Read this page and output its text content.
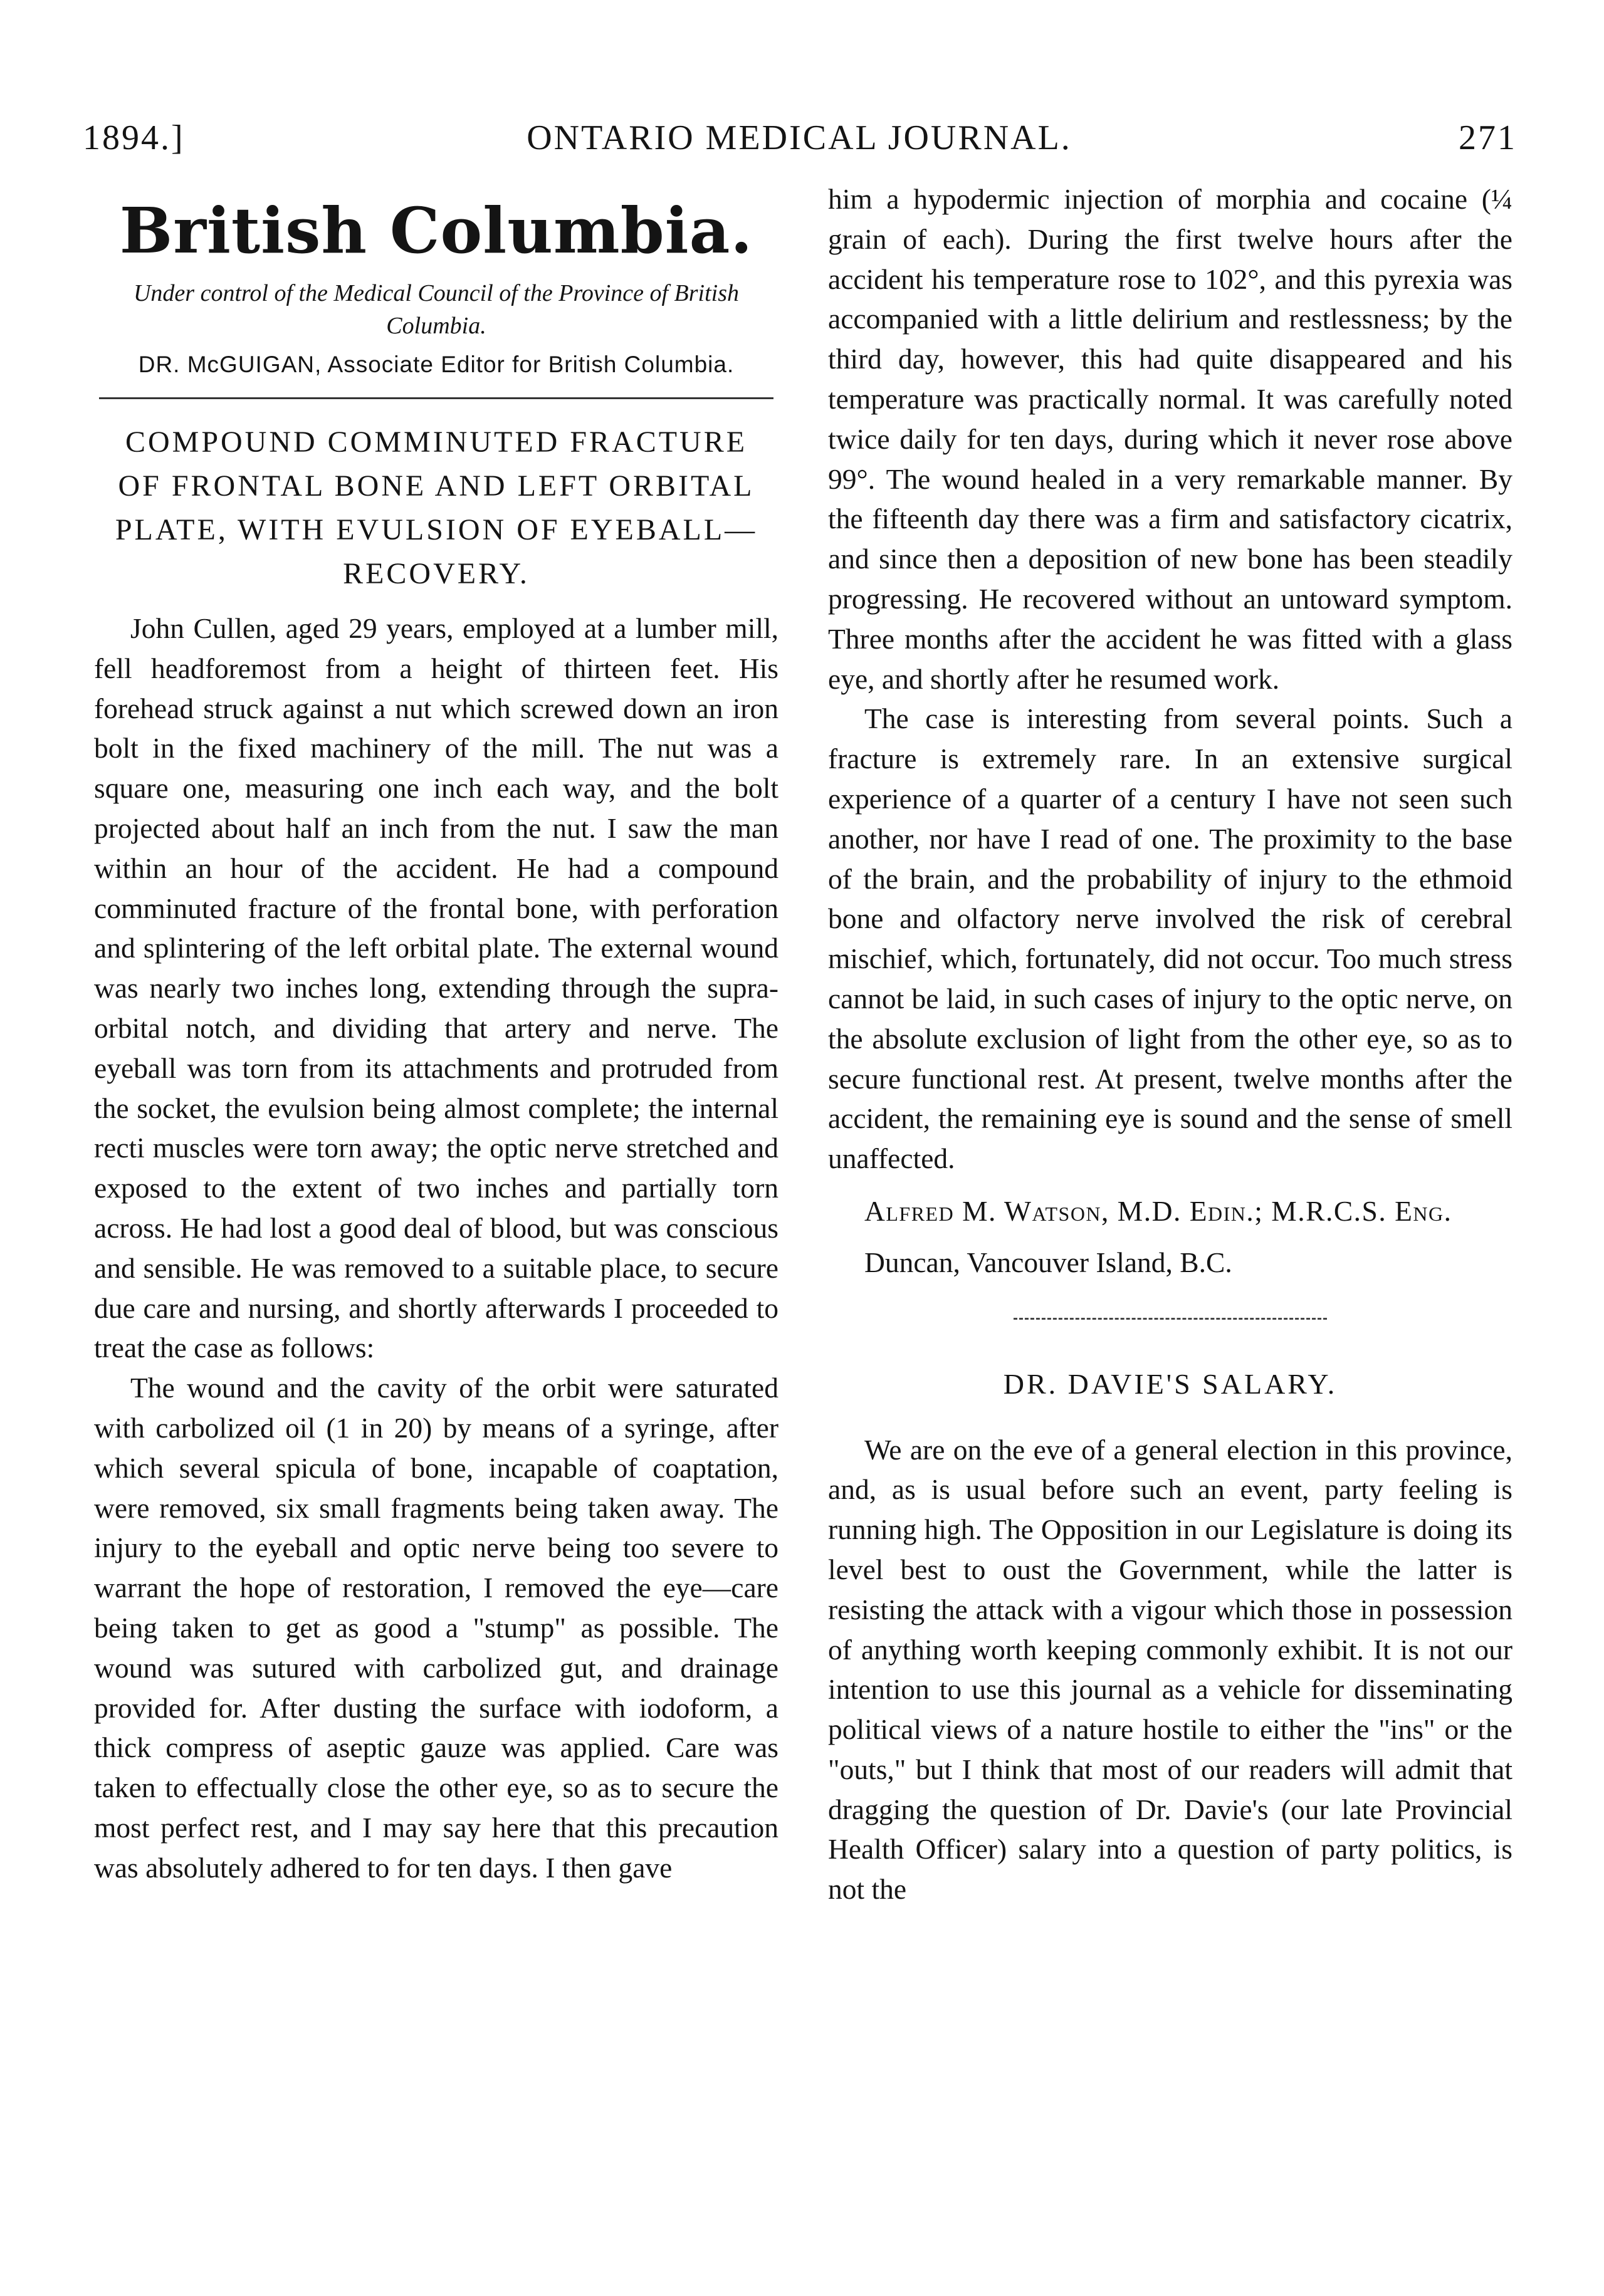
1894.]	ONTARIO MEDICAL JOURNAL.	271
British Columbia.
Under control of the Medical Council of the Province of British Columbia.
DR. McGUIGAN, Associate Editor for British Columbia.
COMPOUND COMMINUTED FRACTURE OF FRONTAL BONE AND LEFT ORBITAL PLATE, WITH EVULSION OF EYEBALL—RECOVERY.

John Cullen, aged 29 years, employed at a lumber mill, fell headforemost from a height of thirteen feet. His forehead struck against a nut which screwed down an iron bolt in the fixed machinery of the mill. The nut was a square one, measuring one inch each way, and the bolt projected about half an inch from the nut. I saw the man within an hour of the accident. He had a compound comminuted fracture of the frontal bone, with perforation and splintering of the left orbital plate. The external wound was nearly two inches long, extending through the supra-orbital notch, and dividing that artery and nerve. The eyeball was torn from its attachments and protruded from the socket, the evulsion being almost complete; the internal recti muscles were torn away; the optic nerve stretched and exposed to the extent of two inches and partially torn across. He had lost a good deal of blood, but was conscious and sensible. He was removed to a suitable place, to secure due care and nursing, and shortly afterwards I proceeded to treat the case as follows:

The wound and the cavity of the orbit were saturated with carbolized oil (1 in 20) by means of a syringe, after which several spicula of bone, incapable of coaptation, were removed, six small fragments being taken away. The injury to the eyeball and optic nerve being too severe to warrant the hope of restoration, I removed the eye—care being taken to get as good a "stump" as possible. The wound was sutured with carbolized gut, and drainage provided for. After dusting the surface with iodoform, a thick compress of aseptic gauze was applied. Care was taken to effectually close the other eye, so as to secure the most perfect rest, and I may say here that this precaution was absolutely adhered to for ten days. I then gave

him a hypodermic injection of morphia and cocaine (¼ grain of each). During the first twelve hours after the accident his temperature rose to 102°, and this pyrexia was accompanied with a little delirium and restlessness; by the third day, however, this had quite disappeared and his temperature was practically normal. It was carefully noted twice daily for ten days, during which it never rose above 99°. The wound healed in a very remarkable manner. By the fifteenth day there was a firm and satisfactory cicatrix, and since then a deposition of new bone has been steadily progressing. He recovered without an untoward symptom. Three months after the accident he was fitted with a glass eye, and shortly after he resumed work.

The case is interesting from several points. Such a fracture is extremely rare. In an extensive surgical experience of a quarter of a century I have not seen such another, nor have I read of one. The proximity to the base of the brain, and the probability of injury to the ethmoid bone and olfactory nerve involved the risk of cerebral mischief, which, fortunately, did not occur. Too much stress cannot be laid, in such cases of injury to the optic nerve, on the absolute exclusion of light from the other eye, so as to secure functional rest. At present, twelve months after the accident, the remaining eye is sound and the sense of smell unaffected.

Alfred M. Watson, M.D. Edin.; M.R.C.S. Eng.
Duncan, Vancouver Island, B.C.
DR. DAVIE'S SALARY.

We are on the eve of a general election in this province, and, as is usual before such an event, party feeling is running high. The Opposition in our Legislature is doing its level best to oust the Government, while the latter is resisting the attack with a vigour which those in possession of anything worth keeping commonly exhibit. It is not our intention to use this journal as a vehicle for disseminating political views of a nature hostile to either the "ins" or the "outs," but I think that most of our readers will admit that dragging the question of Dr. Davie's (our late Provincial Health Officer) salary into a question of party politics, is not the
